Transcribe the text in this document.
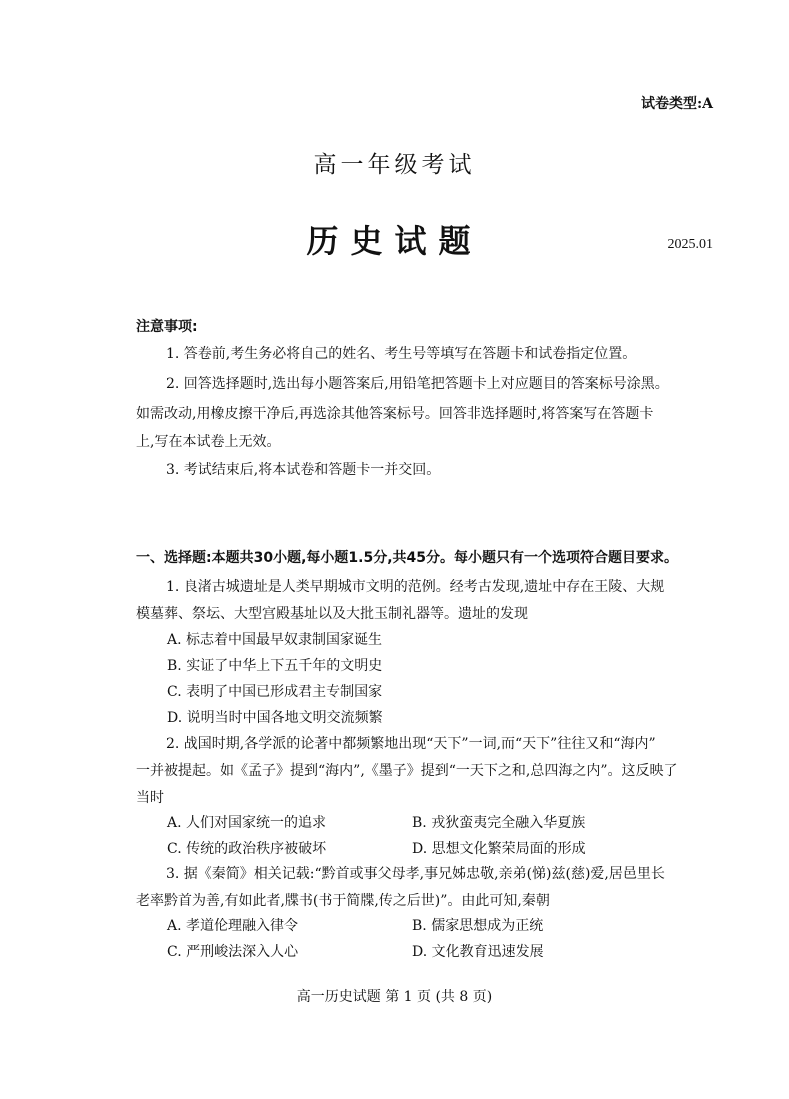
试卷类型:A
高一年级考试
历史试题	2025.01
注意事项:
1. 答卷前,考生务必将自己的姓名、考生号等填写在答题卡和试卷指定位置。
2. 回答选择题时,选出每小题答案后,用铅笔把答题卡上对应题目的答案标号涂黑。
如需改动,用橡皮擦干净后,再选涂其他答案标号。回答非选择题时,将答案写在答题卡
上,写在本试卷上无效。
3. 考试结束后,将本试卷和答题卡一并交回。
一、选择题:本题共30小题,每小题1.5分,共45分。每小题只有一个选项符合题目要求。
1. 良渚古城遗址是人类早期城市文明的范例。经考古发现,遗址中存在王陵、大规
模墓葬、祭坛、大型宫殿基址以及大批玉制礼器等。遗址的发现
A. 标志着中国最早奴隶制国家诞生
B. 实证了中华上下五千年的文明史
C. 表明了中国已形成君主专制国家
D. 说明当时中国各地文明交流频繁
2. 战国时期,各学派的论著中都频繁地出现“天下”一词,而“天下”往往又和“海内”
一并被提起。如《孟子》提到“海内”,《墨子》提到“一天下之和,总四海之内”。这反映了
当时
A. 人们对国家统一的追求	B. 戎狄蛮夷完全融入华夏族
C. 传统的政治秩序被破坏	D. 思想文化繁荣局面的形成
3. 据《秦简》相关记载:“黔首或事父母孝,事兄姊忠敬,亲弟(悌)兹(慈)爱,居邑里长
老率黔首为善,有如此者,牒书(书于简牒,传之后世)”。由此可知,秦朝
A. 孝道伦理融入律令	B. 儒家思想成为正统
C. 严刑峻法深入人心	D. 文化教育迅速发展
高一历史试题 第 1 页 (共 8 页)
